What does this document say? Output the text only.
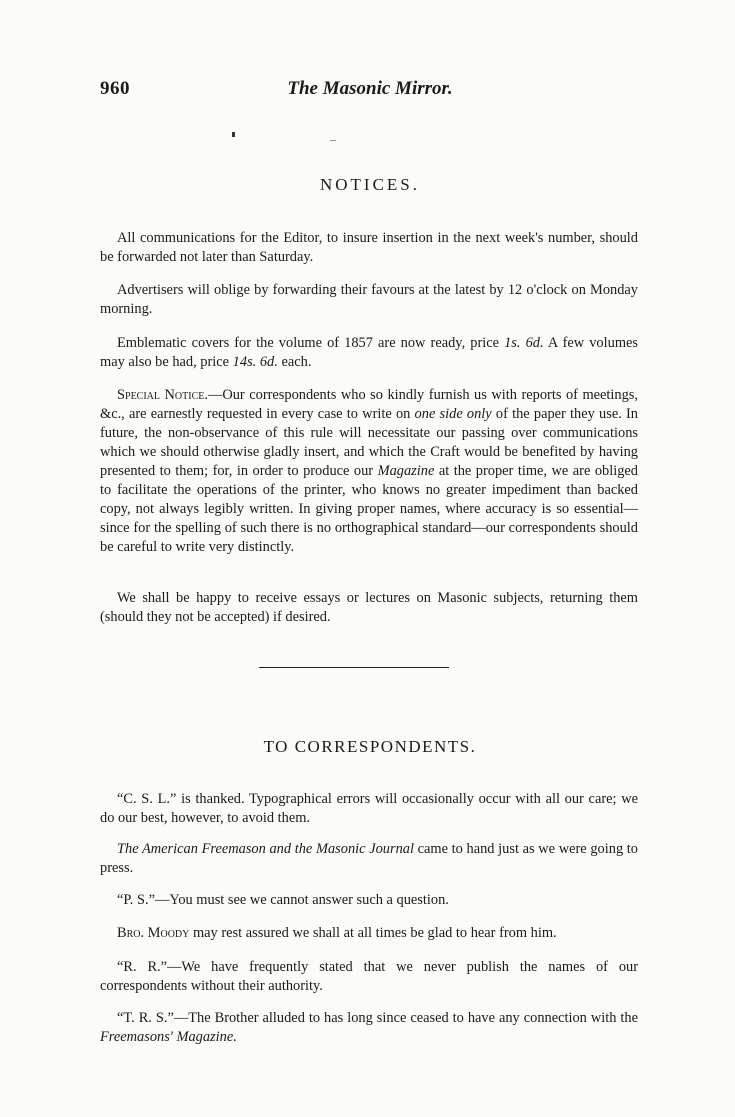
960	The Masonic Mirror.
NOTICES.

All communications for the Editor, to insure insertion in the next week's number, should be forwarded not later than Saturday.

Advertisers will oblige by forwarding their favours at the latest by 12 o'clock on Monday morning.

Emblematic covers for the volume of 1857 are now ready, price 1s. 6d. A few volumes may also be had, price 14s. 6d. each.

Special Notice.—Our correspondents who so kindly furnish us with reports of meetings, &c., are earnestly requested in every case to write on one side only of the paper they use. In future, the non-observance of this rule will necessitate our passing over communications which we should otherwise gladly insert, and which the Craft would be benefited by having presented to them; for, in order to produce our Magazine at the proper time, we are obliged to facilitate the operations of the printer, who knows no greater impediment than backed copy, not always legibly written. In giving proper names, where accuracy is so essential—since for the spelling of such there is no orthographical standard—our correspondents should be careful to write very distinctly.

We shall be happy to receive essays or lectures on Masonic subjects, returning them (should they not be accepted) if desired.

TO CORRESPONDENTS.

“C. S. L.” is thanked. Typographical errors will occasionally occur with all our care; we do our best, however, to avoid them.

The American Freemason and the Masonic Journal came to hand just as we were going to press.

“P. S.”—You must see we cannot answer such a question.

Bro. Moody may rest assured we shall at all times be glad to hear from him.

“R. R.”—We have frequently stated that we never publish the names of our correspondents without their authority.

“T. R. S.”—The Brother alluded to has long since ceased to have any connection with the Freemasons' Magazine.
